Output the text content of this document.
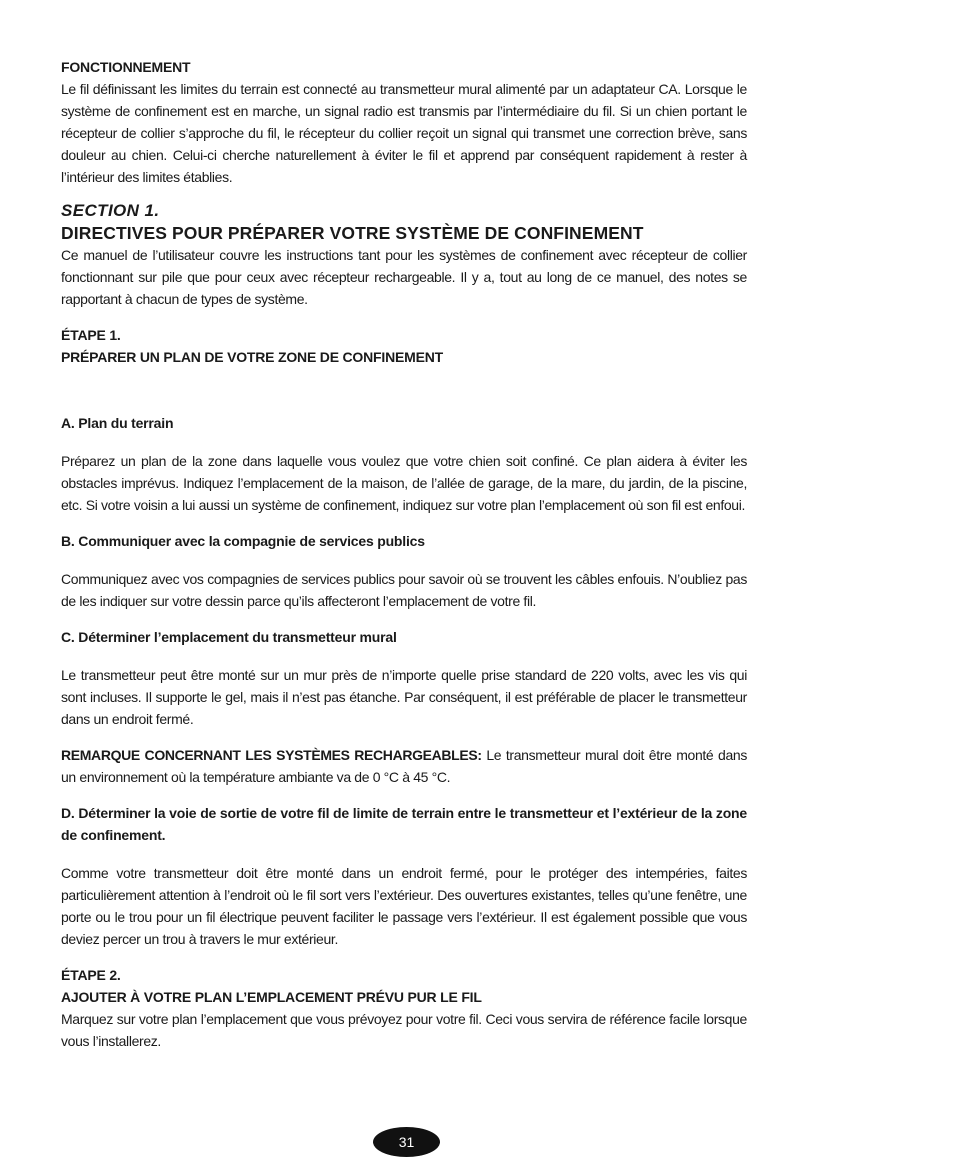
FONCTIONNEMENT

Le fil définissant les limites du terrain est connecté au transmetteur mural alimenté par un adaptateur CA. Lorsque le système de confinement est en marche, un signal radio est transmis par l’intermédiaire du fil. Si un chien portant le récepteur de collier s’approche du fil, le récepteur du collier reçoit un signal qui transmet une correction brève, sans douleur au chien. Celui-ci cherche naturellement à éviter le fil et apprend par conséquent rapidement à rester à l’intérieur des limites établies.

SECTION 1.

DIRECTIVES POUR PRÉPARER VOTRE SYSTÈME DE CONFINEMENT

Ce manuel de l’utilisateur couvre les instructions tant pour les systèmes de confinement avec récepteur de collier fonctionnant sur pile que pour ceux avec récepteur rechargeable. Il y a, tout au long de ce manuel, des notes se rapportant à chacun de types de système.

ÉTAPE 1.

PRÉPARER UN PLAN DE VOTRE ZONE DE CONFINEMENT

A. Plan du terrain

Préparez un plan de la zone dans laquelle vous voulez que votre chien soit confiné. Ce plan aidera à éviter les obstacles imprévus. Indiquez l’emplacement de la maison, de l’allée de garage, de la mare, du jardin, de la piscine, etc. Si votre voisin a lui aussi un système de confinement, indiquez sur votre plan l’emplacement où son fil est enfoui.

B. Communiquer avec la compagnie de services publics

Communiquez avec vos compagnies de services publics pour savoir où se trouvent les câbles enfouis. N’oubliez pas de les indiquer sur votre dessin parce qu’ils affecteront l’emplacement de votre fil.

C. Déterminer l’emplacement du transmetteur mural

Le transmetteur peut être monté sur un mur près de n’importe quelle prise standard de 220 volts, avec les vis qui sont incluses. Il supporte le gel, mais il n’est pas étanche. Par conséquent, il est préférable de placer le transmetteur dans un endroit fermé.

REMARQUE CONCERNANT LES SYSTÈMES RECHARGEABLES: Le transmetteur mural doit être monté dans un environnement où la température ambiante va de 0 °C à 45 °C.

D. Déterminer la voie de sortie de votre fil de limite de terrain entre le transmetteur et l’extérieur de la zone de confinement.

Comme votre transmetteur doit être monté dans un endroit fermé, pour le protéger des intempéries, faites particulièrement attention à l’endroit où le fil sort vers l’extérieur. Des ouvertures existantes, telles qu’une fenêtre, une porte ou le trou pour un fil électrique peuvent faciliter le passage vers l’extérieur. Il est également possible que vous deviez percer un trou à travers le mur extérieur.

ÉTAPE 2.

AJOUTER À VOTRE PLAN L’EMPLACEMENT PRÉVU PUR LE FIL

Marquez sur votre plan l’emplacement que vous prévoyez pour votre fil. Ceci vous servira de référence facile lorsque vous l’installerez.

31
